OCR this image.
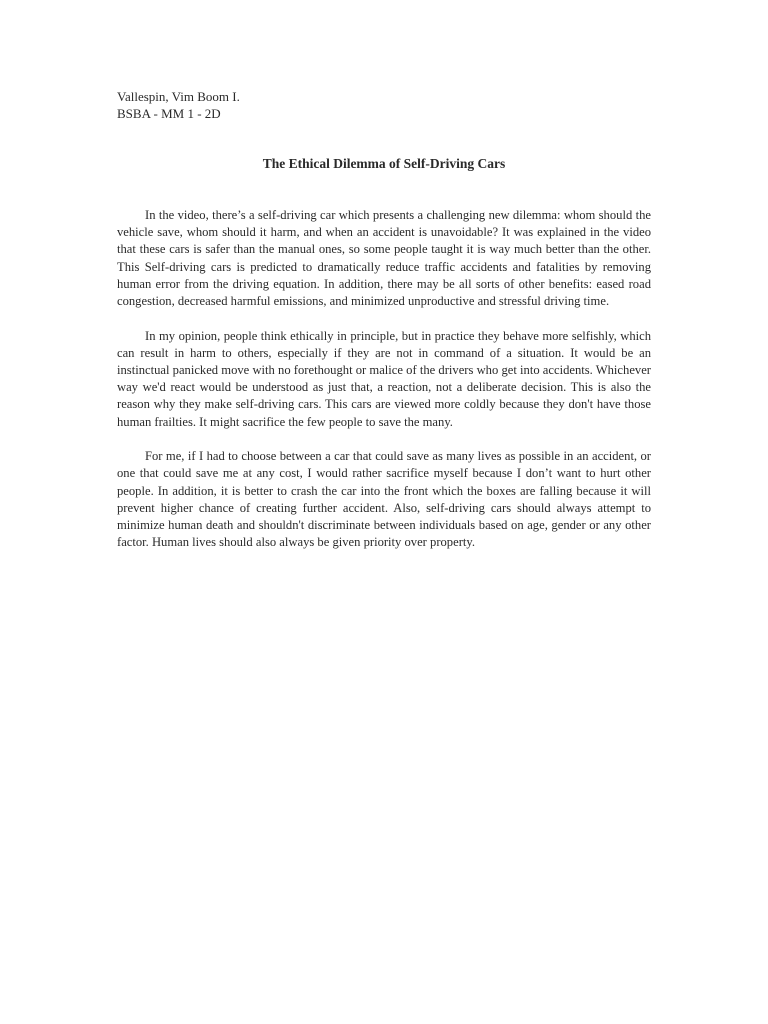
Vallespin, Vim Boom I.
BSBA - MM 1 - 2D
The Ethical Dilemma of Self-Driving Cars

In the video, there’s a self-driving car which presents a challenging new dilemma: whom should the vehicle save, whom should it harm, and when an accident is unavoidable? It was explained in the video that these cars is safer than the manual ones, so some people taught it is way much better than the other. This Self-driving cars is predicted to dramatically reduce traffic accidents and fatalities by removing human error from the driving equation. In addition, there may be all sorts of other benefits: eased road congestion, decreased harmful emissions, and minimized unproductive and stressful driving time.

In my opinion, people think ethically in principle, but in practice they behave more selfishly, which can result in harm to others, especially if they are not in command of a situation. It would be an instinctual panicked move with no forethought or malice of the drivers who get into accidents. Whichever way we'd react would be understood as just that, a reaction, not a deliberate decision. This is also the reason why they make self-driving cars. This cars are viewed more coldly because they don't have those human frailties. It might sacrifice the few people to save the many.

For me, if I had to choose between a car that could save as many lives as possible in an accident, or one that could save me at any cost, I would rather sacrifice myself because I don’t want to hurt other people. In addition, it is better to crash the car into the front which the boxes are falling because it will prevent higher chance of creating further accident. Also, self-driving cars should always attempt to minimize human death and shouldn't discriminate between individuals based on age, gender or any other factor. Human lives should also always be given priority over property.
